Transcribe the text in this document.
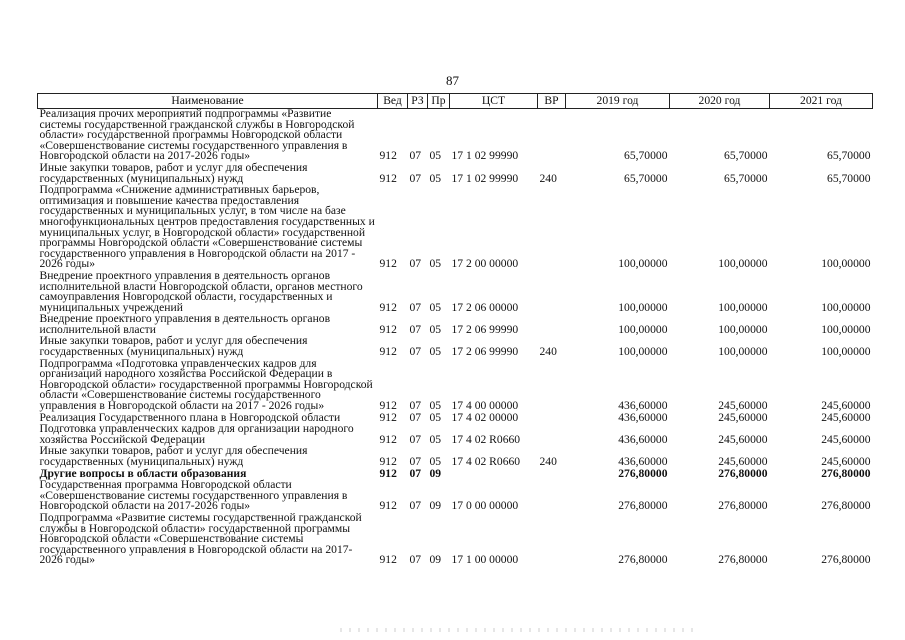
87
Наименование	Вед	РЗ	Пр	ЦСТ	ВР	2019 год	2020 год	2021 год
Реализация прочих мероприятий подпрограммы «Развитие системы государственной гражданской службы в Новгородской области» государственной программы Новгородской области «Совершенствование системы государственного управления в Новгородской области на 2017-2026 годы»	912	07	05	17 1 02 99990		65,70000	65,70000	65,70000
Иные закупки товаров, работ и услуг для обеспечения государственных (муниципальных) нужд	912	07	05	17 1 02 99990	240	65,70000	65,70000	65,70000
Подпрограмма «Снижение административных барьеров, оптимизация и повышение качества предоставления государственных и муниципальных услуг, в том числе на базе многофункциональных центров предоставления государственных и муниципальных услуг, в Новгородской области» государственной программы Новгородской области «Совершенствование системы государственного управления в Новгородской области на 2017 - 2026 годы»	912	07	05	17 2 00 00000		100,00000	100,00000	100,00000
Внедрение проектного управления в деятельность органов исполнительной власти Новгородской области, органов местного самоуправления Новгородской области, государственных и муниципальных учреждений	912	07	05	17 2 06 00000		100,00000	100,00000	100,00000
Внедрение проектного управления в деятельность органов исполнительной власти	912	07	05	17 2 06 99990		100,00000	100,00000	100,00000
Иные закупки товаров, работ и услуг для обеспечения государственных (муниципальных) нужд	912	07	05	17 2 06 99990	240	100,00000	100,00000	100,00000
Подпрограмма «Подготовка управленческих кадров для организаций народного хозяйства Российской Федерации в Новгородской области» государственной программы Новгородской области «Совершенствование системы государственного управления в Новгородской области на 2017 - 2026 годы»	912	07	05	17 4 00 00000		436,60000	245,60000	245,60000
Реализация Государственного плана в Новгородской области	912	07	05	17 4 02 00000		436,60000	245,60000	245,60000
Подготовка управленческих кадров для организации народного хозяйства Российской Федерации	912	07	05	17 4 02 R0660		436,60000	245,60000	245,60000
Иные закупки товаров, работ и услуг для обеспечения государственных (муниципальных) нужд	912	07	05	17 4 02 R0660	240	436,60000	245,60000	245,60000
Другие вопросы в области образования	912	07	09			276,80000	276,80000	276,80000
Государственная программа Новгородской области «Совершенствование системы государственного управления в Новгородской области на 2017-2026 годы»	912	07	09	17 0 00 00000		276,80000	276,80000	276,80000
Подпрограмма «Развитие системы государственной гражданской службы в Новгородской области» государственной программы Новгородской области «Совершенствование системы государственного управления в Новгородской области на 2017-2026 годы»	912	07	09	17 1 00 00000		276,80000	276,80000	276,80000
